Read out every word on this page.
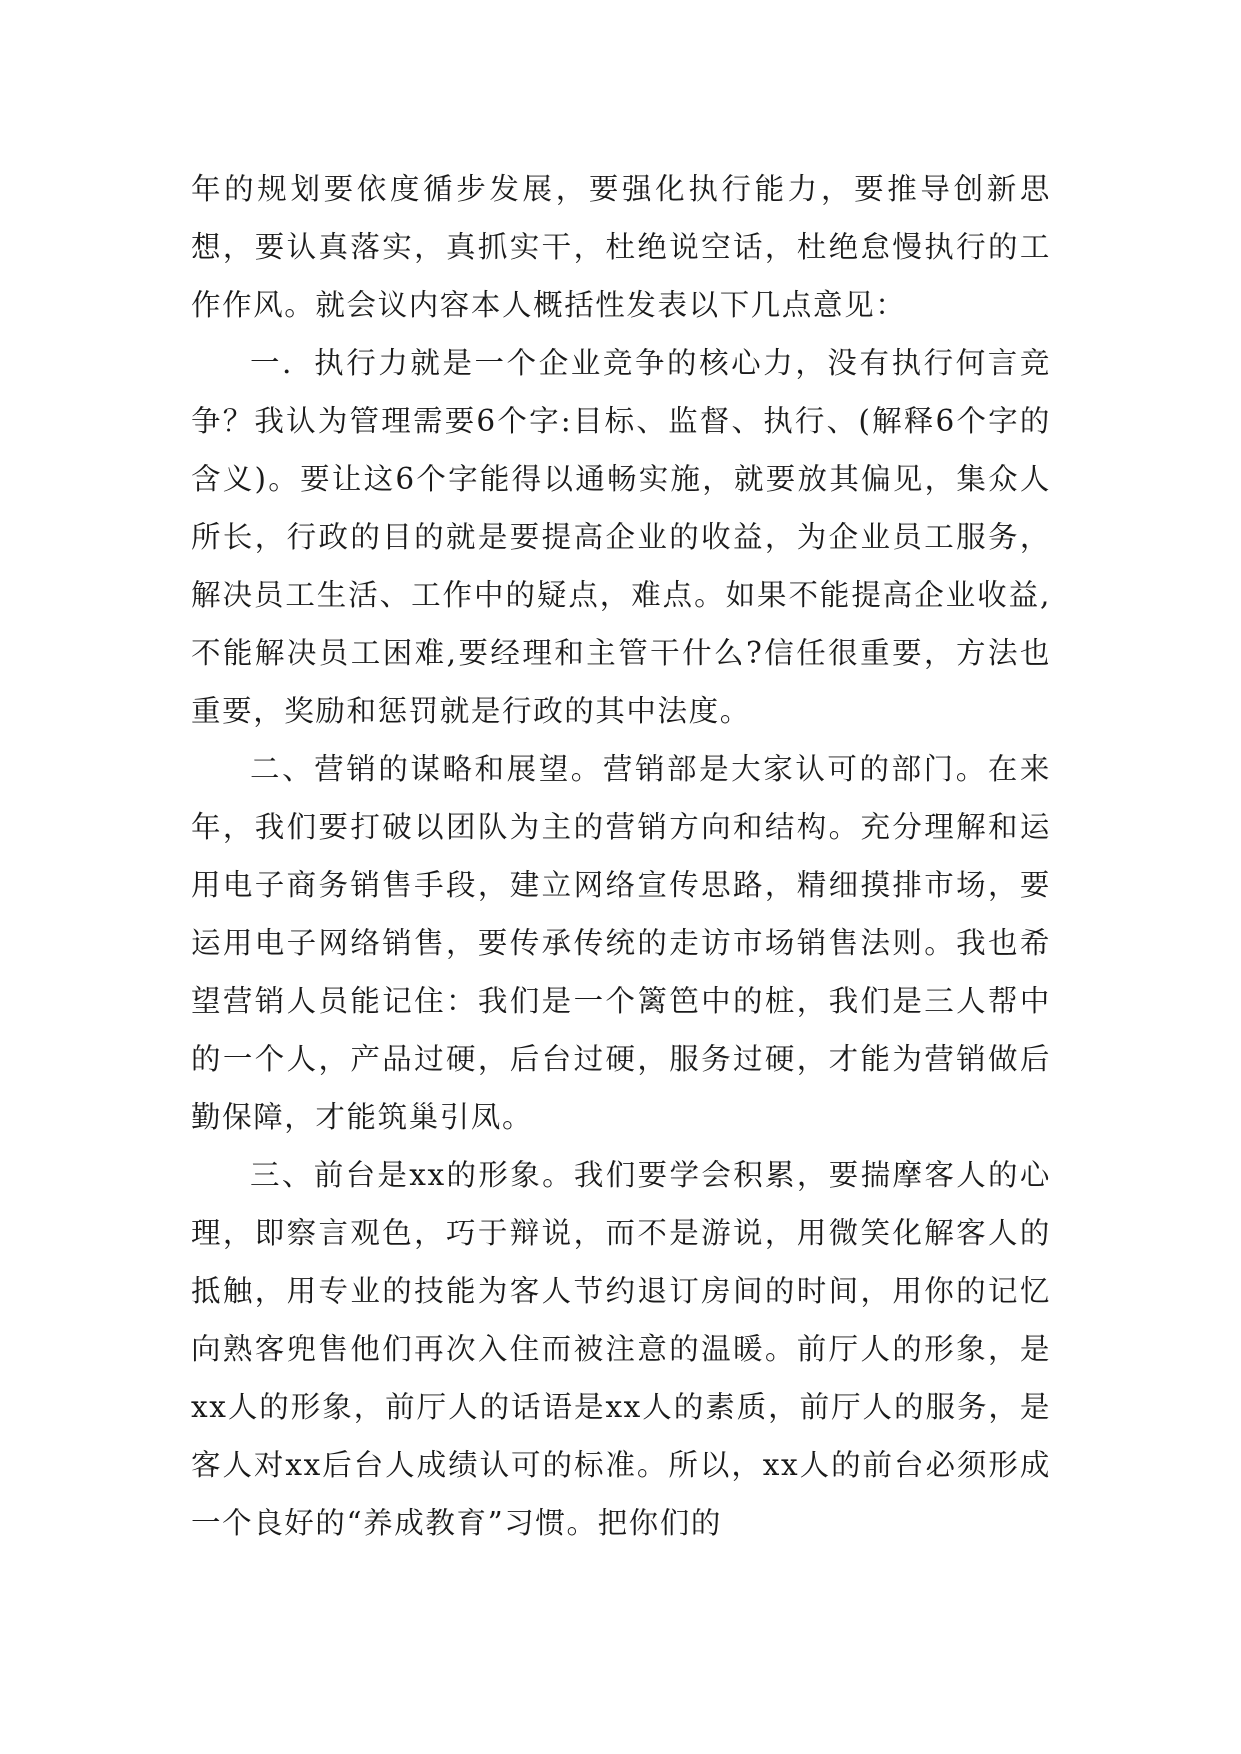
年的规划要依度循步发展，要强化执行能力，要推导创新思想，要认真落实，真抓实干，杜绝说空话，杜绝怠慢执行的工作作风。就会议内容本人概括性发表以下几点意见：

一．执行力就是一个企业竞争的核心力，没有执行何言竞争？我认为管理需要6个字:目标、监督、执行、(解释6个字的含义)。要让这6个字能得以通畅实施，就要放其偏见，集众人所长，行政的目的就是要提高企业的收益，为企业员工服务，解决员工生活、工作中的疑点，难点。如果不能提高企业收益,不能解决员工困难,要经理和主管干什么?信任很重要，方法也重要，奖励和惩罚就是行政的其中法度。

二、营销的谋略和展望。营销部是大家认可的部门。在来年，我们要打破以团队为主的营销方向和结构。充分理解和运用电子商务销售手段，建立网络宣传思路，精细摸排市场，要运用电子网络销售，要传承传统的走访市场销售法则。我也希望营销人员能记住：我们是一个篱笆中的桩，我们是三人帮中的一个人，产品过硬，后台过硬，服务过硬，才能为营销做后勤保障，才能筑巢引凤。

三、前台是xx的形象。我们要学会积累，要揣摩客人的心理，即察言观色，巧于辩说，而不是游说，用微笑化解客人的抵触，用专业的技能为客人节约退订房间的时间，用你的记忆向熟客兜售他们再次入住而被注意的温暖。前厅人的形象，是xx人的形象，前厅人的话语是xx人的素质，前厅人的服务，是客人对xx后台人成绩认可的标准。所以，xx人的前台必须形成一个良好的“养成教育”习惯。把你们的
